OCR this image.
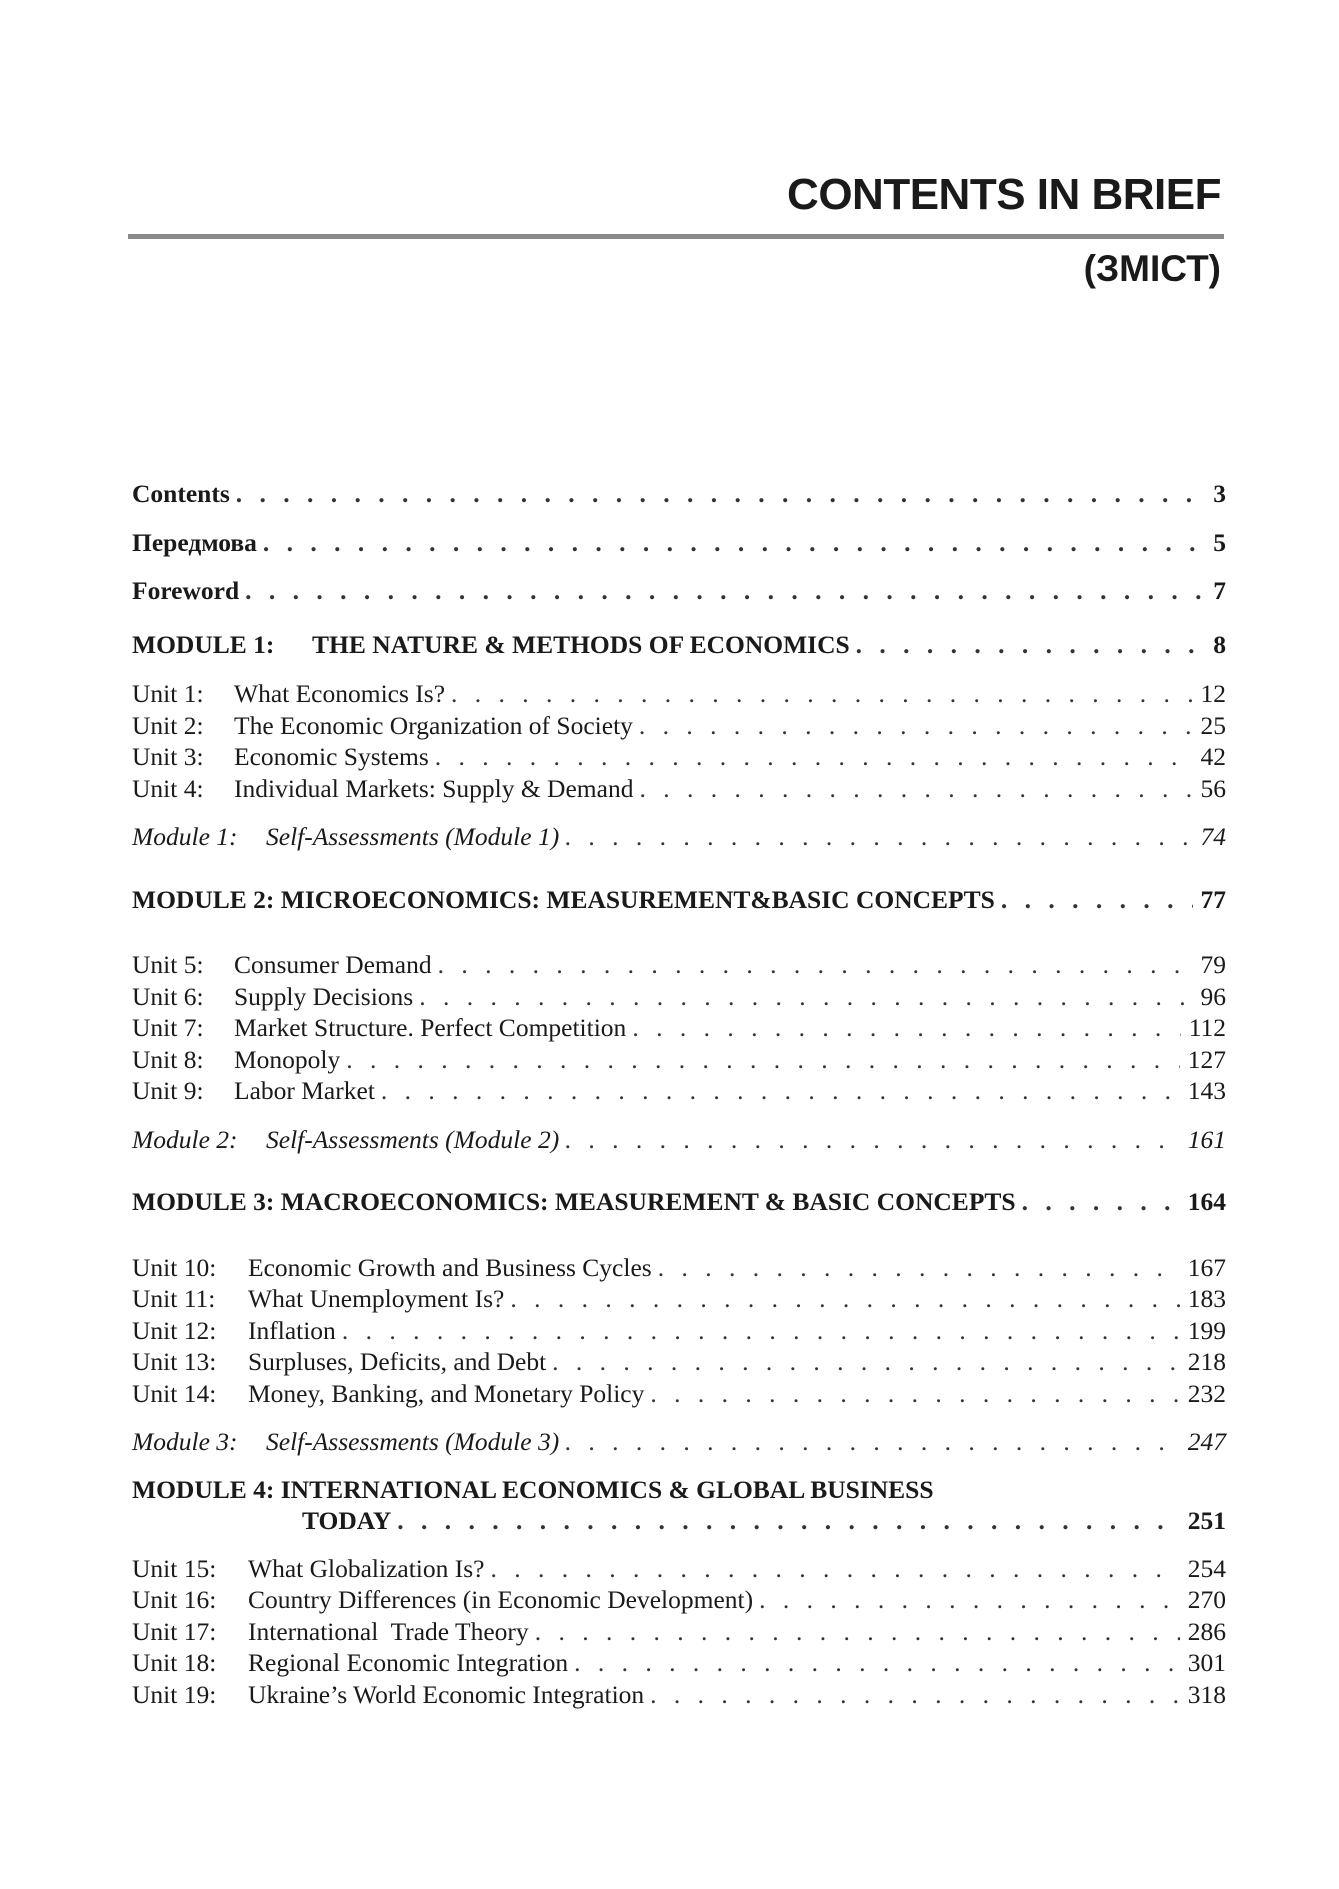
CONTENTS IN BRIEF
(ЗМІСТ)
Contents . . .	3
Передмова . . .	5
Foreword . . .	7
MODULE 1:	THE NATURE & METHODS OF ECONOMICS . . .	8
Unit 1:	What Economics Is? . . .	12
Unit 2:	The Economic Organization of Society . . .	25
Unit 3:	Economic Systems . . .	42
Unit 4:	Individual Markets: Supply & Demand . . .	56
Module 1:	Self-Assessments (Module 1) . . .	74
MODULE 2:
MICROECONOMICS: MEASUREMENT&BASIC CONCEPTS . . .	77
Unit 5:	Consumer Demand . . .	79
Unit 6:	Supply Decisions . . .	96
Unit 7:	Market Structure. Perfect Competition . . .	112
Unit 8:	Monopoly . . .	127
Unit 9:	Labor Market . . .	143
Module 2:	Self-Assessments (Module 2) . . .	161
MODULE 3:
MACROECONOMICS: MEASUREMENT & BASIC CONCEPTS . . .	164
Unit 10:	Economic Growth and Business Cycles . . .	167
Unit 11:	What Unemployment Is? . . .	183
Unit 12:	Inflation . . .	199
Unit 13:	Surpluses, Deficits, and Debt . . .	218
Unit 14:	Money, Banking, and Monetary Policy . . .	232
Module 3:	Self-Assessments (Module 3) . . .	247
MODULE 4: INTERNATIONAL ECONOMICS & GLOBAL BUSINESS
TODAY . . .	251
Unit 15:	What Globalization Is? . . .	254
Unit 16:	Country Differences (in Economic Development) . . .	270
Unit 17:	International  Trade Theory . . .	286
Unit 18:	Regional Economic Integration . . .	301
Unit 19:	Ukraine’s World Economic Integration . . .	318
